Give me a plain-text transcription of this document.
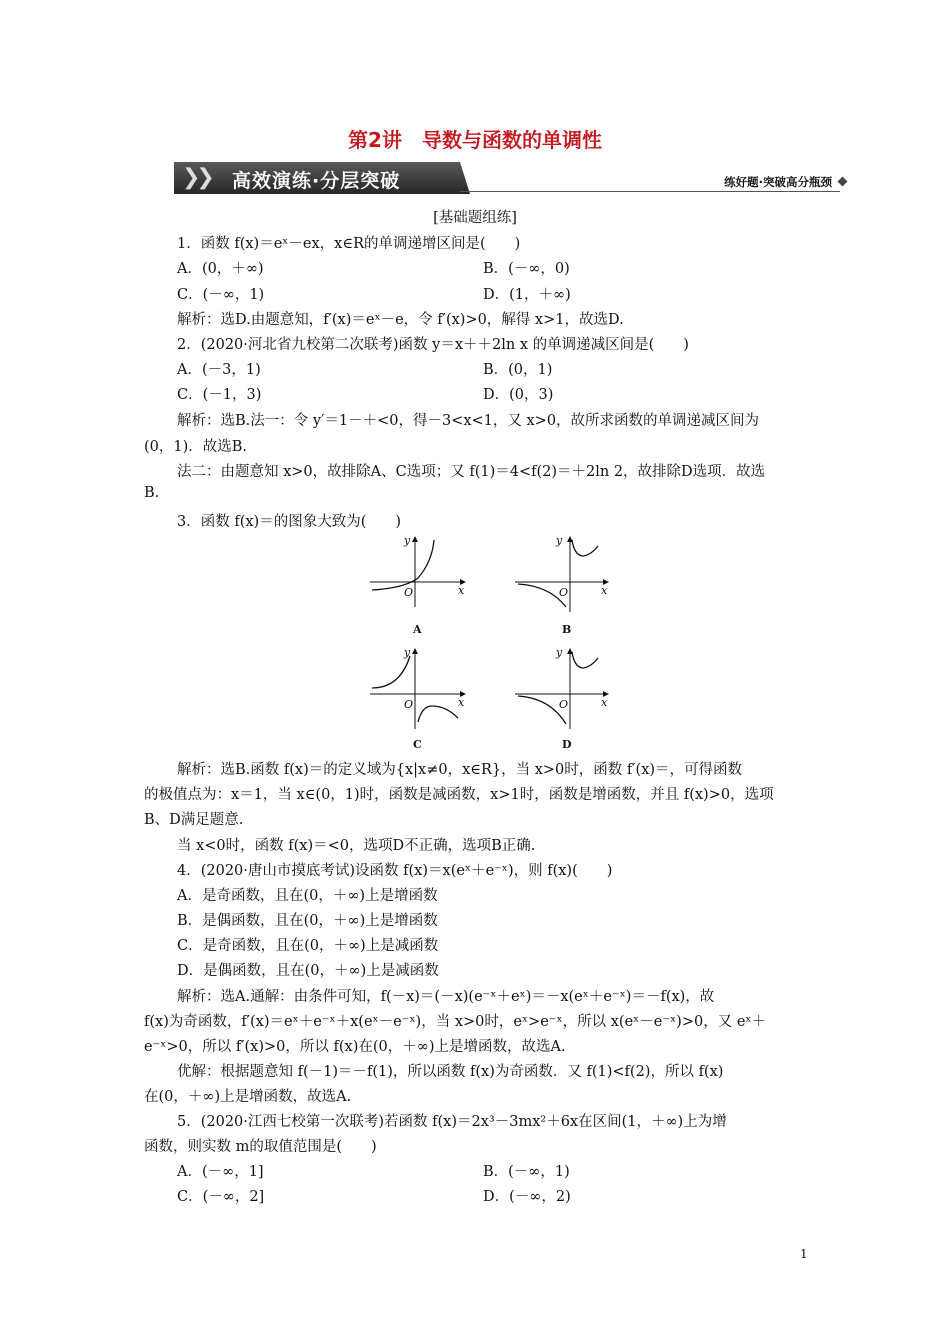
第2讲　导数与函数的单调性
❯❯ 高效演练·分层突破	练好题·突破高分瓶颈
[基础题组练]
1．函数 f(x)＝eˣ－ex，x∈R的单调递增区间是(　　)
A．(0，＋∞)	B．(－∞，0)
C．(－∞，1)	D．(1，＋∞)
解析：选D.由题意知，f′(x)＝eˣ－e，令 f′(x)>0，解得 x>1，故选D.
2．(2020·河北省九校第二次联考)函数 y＝x＋＋2ln x 的单调递减区间是(　　)
A．(－3，1)	B．(0，1)
C．(－1，3)	D．(0，3)
解析：选B.法一：令 y′＝1－＋<0，得－3<x<1，又 x>0，故所求函数的单调递减区间为
(0，1)．故选B.
法二：由题意知 x>0，故排除A、C选项；又 f(1)＝4<f(2)＝＋2ln 2，故排除D选项．故选
B.
3．函数 f(x)＝的图象大致为(　　)
O	x
y
A
O	x
y
B
O	x
y
C
O	x
y
D
解析：选B.函数 f(x)＝的定义域为{x|x≠0，x∈R}，当 x>0时，函数 f′(x)＝，可得函数
的极值点为：x＝1，当 x∈(0，1)时，函数是减函数，x>1时，函数是增函数，并且 f(x)>0，选项
B、D满足题意.
当 x<0时，函数 f(x)＝<0，选项D不正确，选项B正确.
4．(2020·唐山市摸底考试)设函数 f(x)＝x(eˣ＋e⁻ˣ)，则 f(x)(　　)
A．是奇函数，且在(0，＋∞)上是增函数
B．是偶函数，且在(0，＋∞)上是增函数
C．是奇函数，且在(0，＋∞)上是减函数
D．是偶函数，且在(0，＋∞)上是减函数
解析：选A.通解：由条件可知，f(－x)＝(－x)(e⁻ˣ＋eˣ)＝－x(eˣ＋e⁻ˣ)＝－f(x)，故
f(x)为奇函数，f′(x)＝eˣ＋e⁻ˣ＋x(eˣ－e⁻ˣ)，当 x>0时，eˣ>e⁻ˣ，所以 x(eˣ－e⁻ˣ)>0，又 eˣ＋
e⁻ˣ>0，所以 f′(x)>0，所以 f(x)在(0，＋∞)上是增函数，故选A.
优解：根据题意知 f(－1)＝－f(1)，所以函数 f(x)为奇函数．又 f(1)<f(2)，所以 f(x)
在(0，＋∞)上是增函数，故选A.
5．(2020·江西七校第一次联考)若函数 f(x)＝2x³－3mx²＋6x在区间(1，＋∞)上为增
函数，则实数 m的取值范围是(　　)
A．(－∞，1]	B．(－∞，1)
C．(－∞，2]	D．(－∞，2)
1
